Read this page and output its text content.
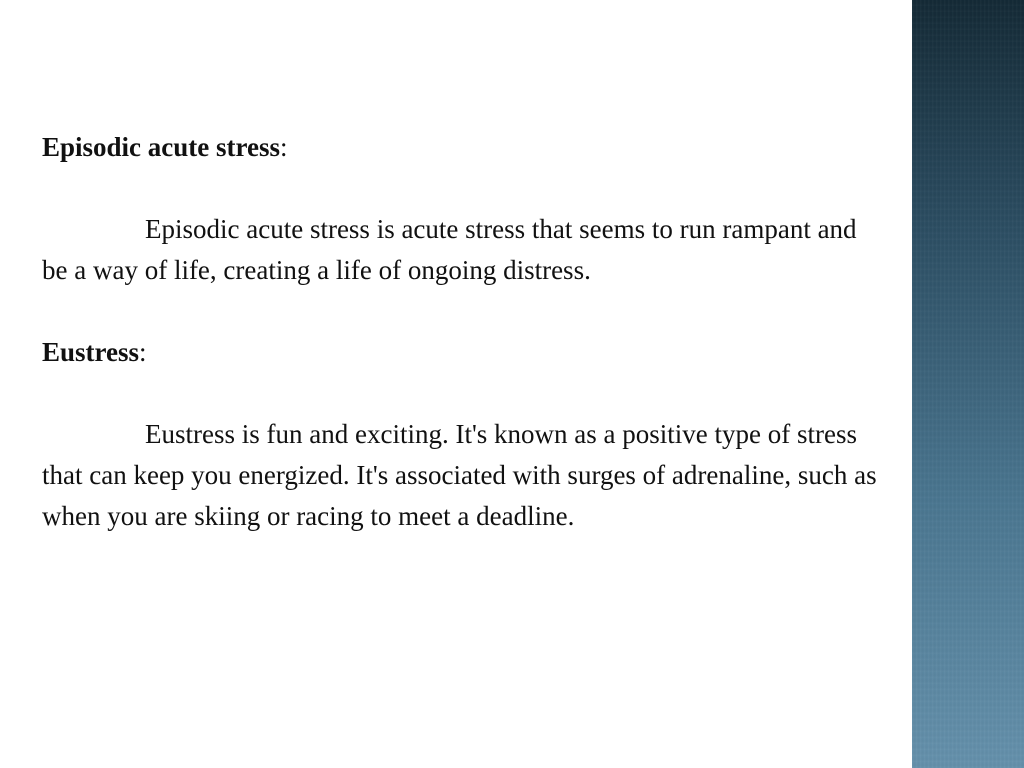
Episodic acute stress:

Episodic acute stress is acute stress that seems to run rampant and be a way of life, creating a life of ongoing distress.

Eustress:

Eustress is fun and exciting. It's known as a positive type of stress that can keep you energized. It's associated with surges of adrenaline, such as when you are skiing or racing to meet a deadline.
